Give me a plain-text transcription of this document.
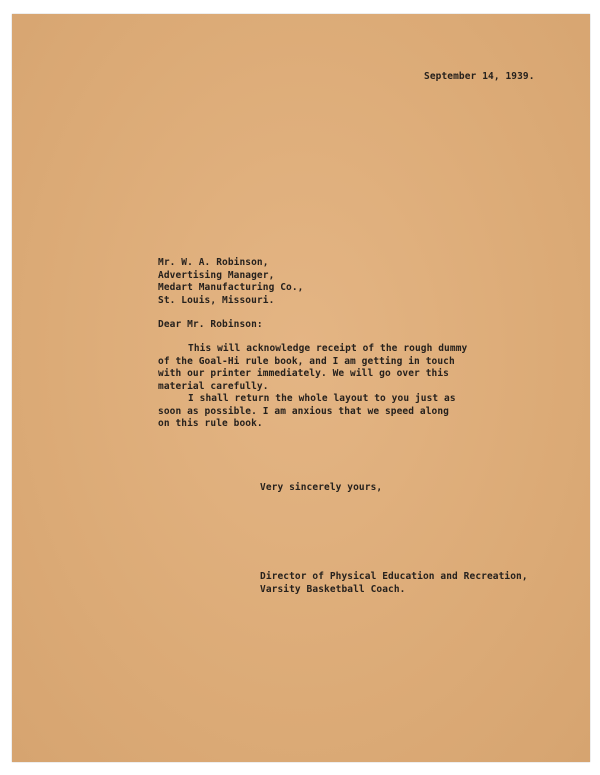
September 14, 1939.
Mr. W. A. Robinson,
Advertising Manager,
Medart Manufacturing Co.,
St. Louis, Missouri.
Dear Mr. Robinson:
This will acknowledge receipt of the rough dummy
of the Goal-Hi rule book, and I am getting in touch
with our printer immediately. We will go over this
material carefully.
I shall return the whole layout to you just as
soon as possible. I am anxious that we speed along
on this rule book.
Very sincerely yours,
Director of Physical Education and Recreation,
Varsity Basketball Coach.
